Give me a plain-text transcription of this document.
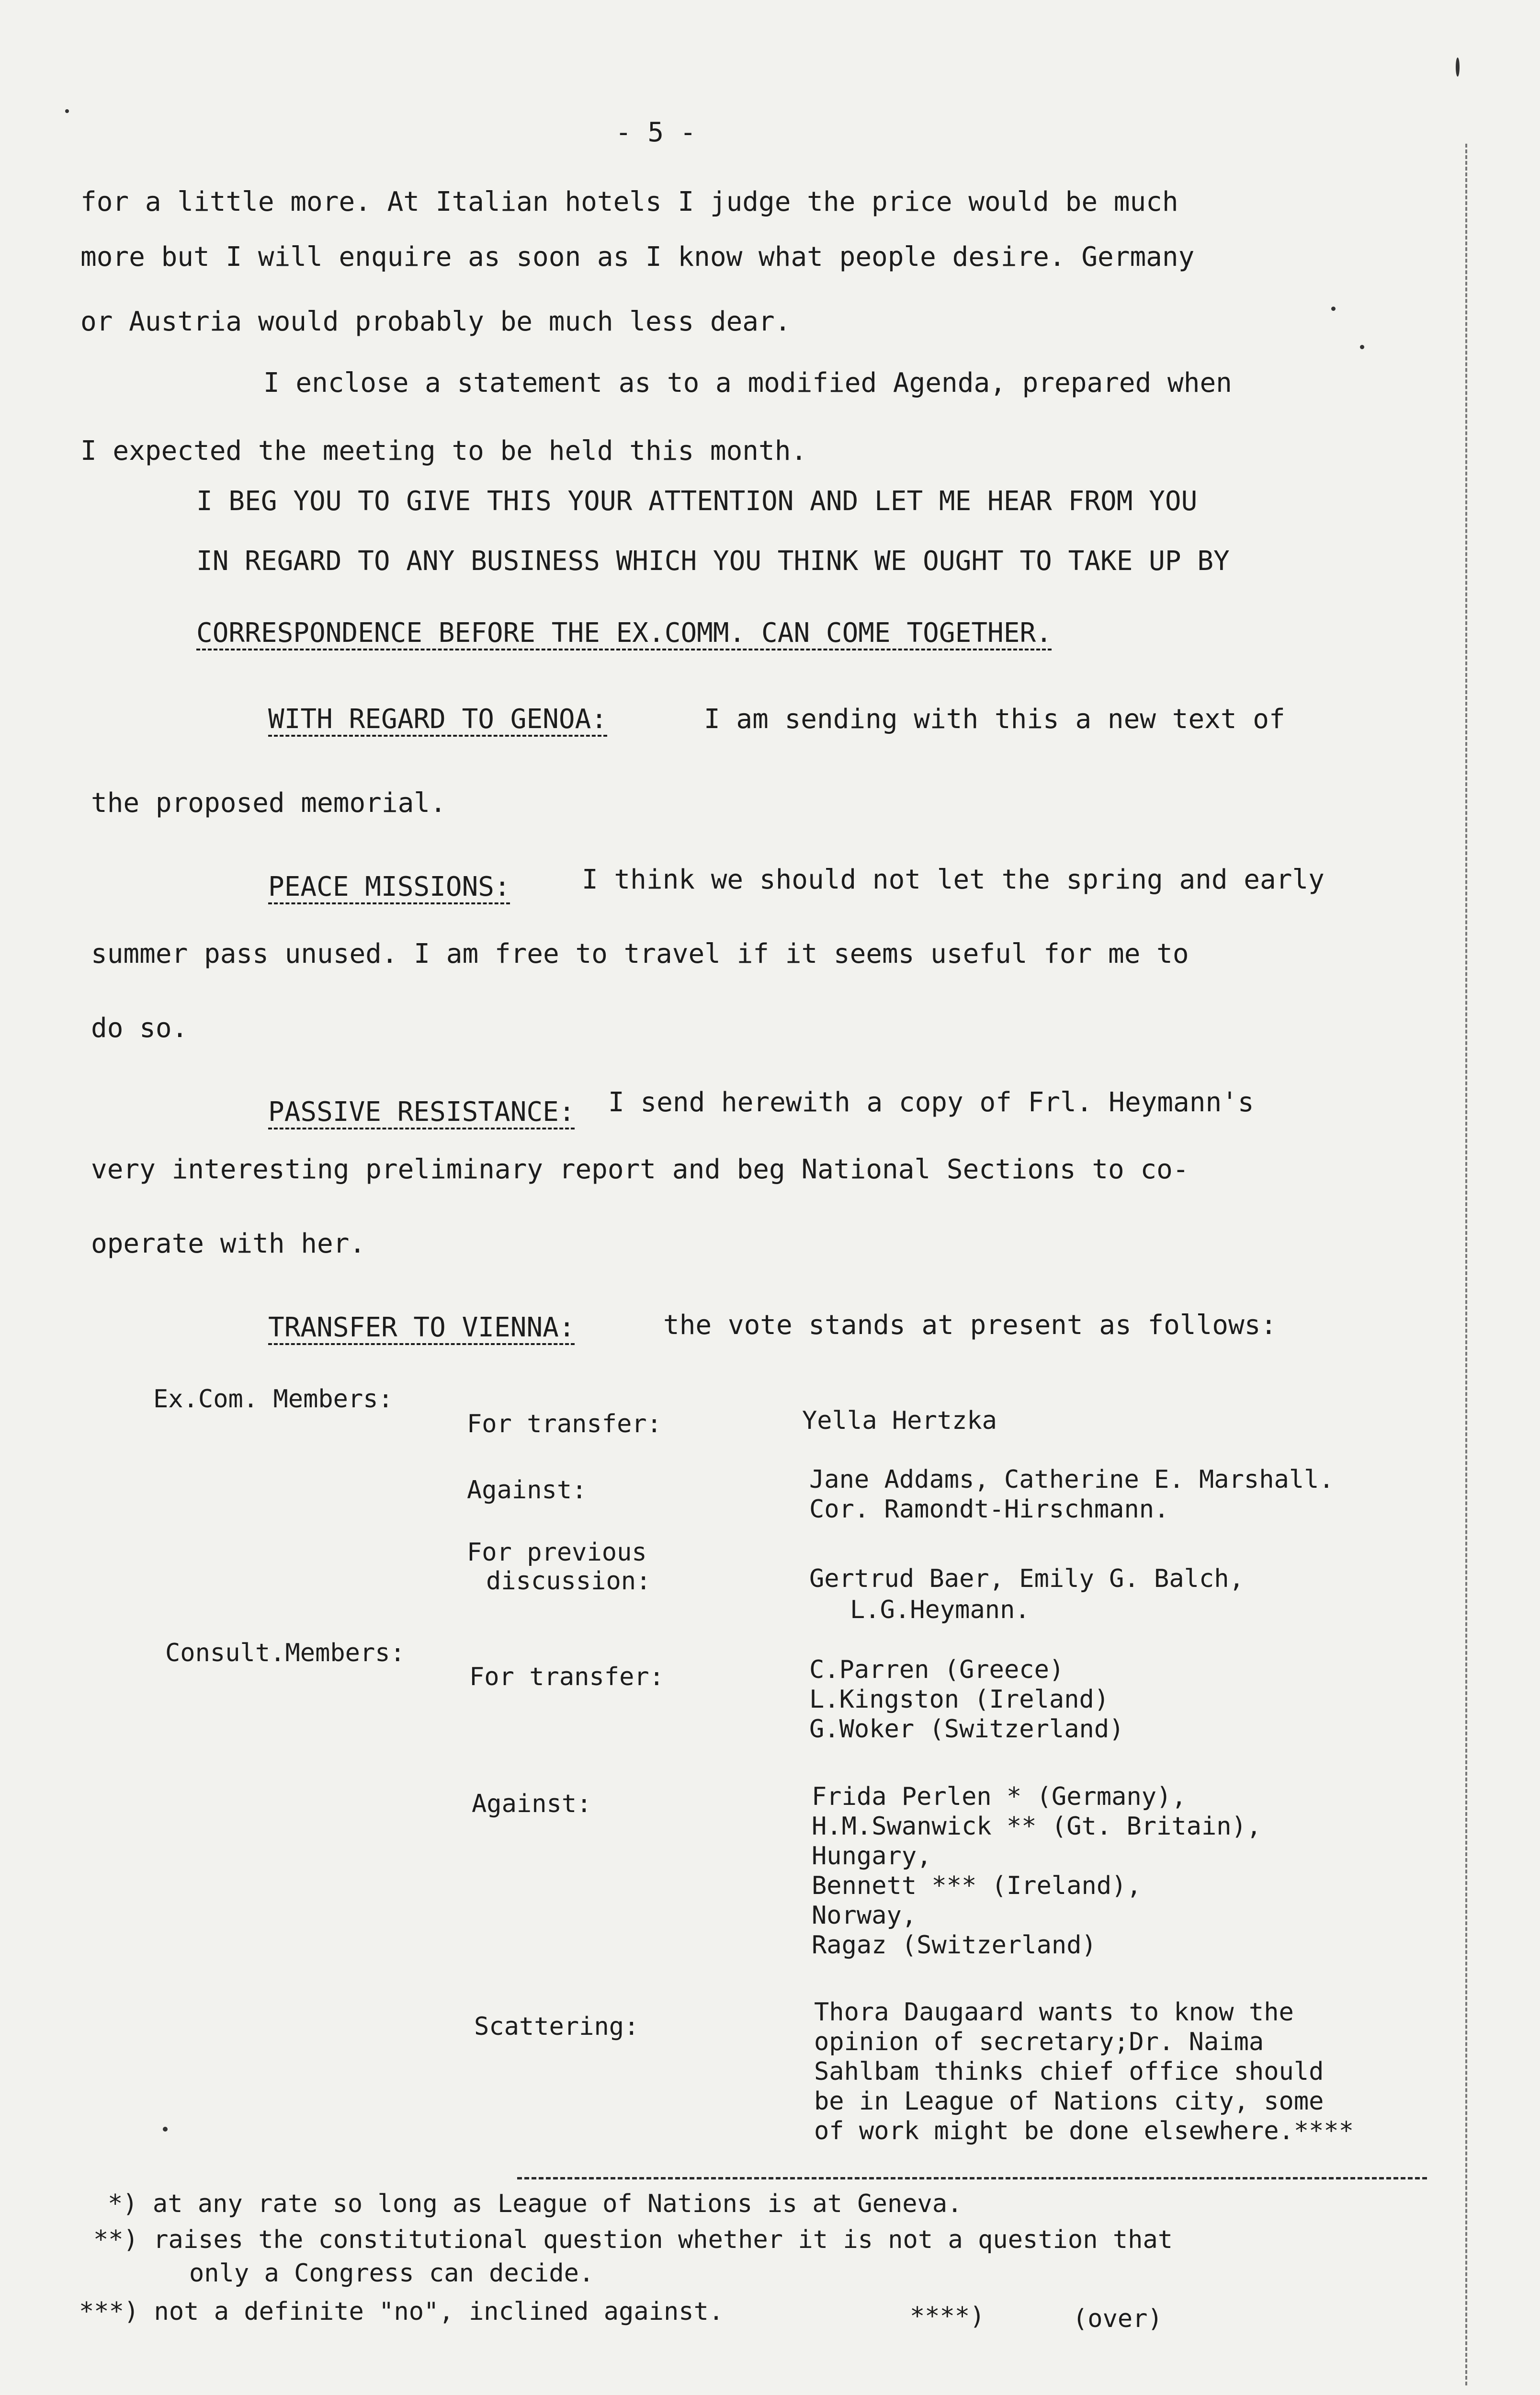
- 5 -
for a little more. At Italian hotels I judge the price would be much
more but I will enquire as soon as I know what people desire. Germany
or Austria would probably be much less dear.
I enclose a statement as to a modified Agenda, prepared when
I expected the meeting to be held this month.
I BEG YOU TO GIVE THIS YOUR ATTENTION AND LET ME HEAR FROM YOU
IN REGARD TO ANY BUSINESS WHICH YOU THINK WE OUGHT TO TAKE UP BY
CORRESPONDENCE BEFORE THE EX.COMM. CAN COME TOGETHER.
WITH REGARD TO GENOA:	I am sending with this a new text of
the proposed memorial.
PEACE MISSIONS:	I think we should not let the spring and early
summer pass unused. I am free to travel if it seems useful for me to
do so.
PASSIVE RESISTANCE: I send herewith a copy of Frl. Heymann's
very interesting preliminary report and beg National Sections to co-
operate with her.
TRANSFER TO VIENNA:	the vote stands at present as follows:
Ex.Com. Members:
For transfer:	Yella Hertzka
Against:	Jane Addams, Catherine E. Marshall.
Cor. Ramondt-Hirschmann.
For previous
discussion:	Gertrud Baer, Emily G. Balch,
L.G.Heymann.
Consult.Members:
For transfer:	C.Parren (Greece)
L.Kingston (Ireland)
G.Woker (Switzerland)
Against:	Frida Perlen * (Germany),
H.M.Swanwick ** (Gt. Britain),
Hungary,
Bennett *** (Ireland),
Norway,
Ragaz (Switzerland)
Scattering:	Thora Daugaard wants to know the
opinion of secretary;Dr. Naima
Sahlbam thinks chief office should
be in League of Nations city, some
of work might be done elsewhere.****
*) at any rate so long as League of Nations is at Geneva.
**) raises the constitutional question whether it is not a question that
only a Congress can decide.
***) not a definite "no", inclined against.	****)	(over)
